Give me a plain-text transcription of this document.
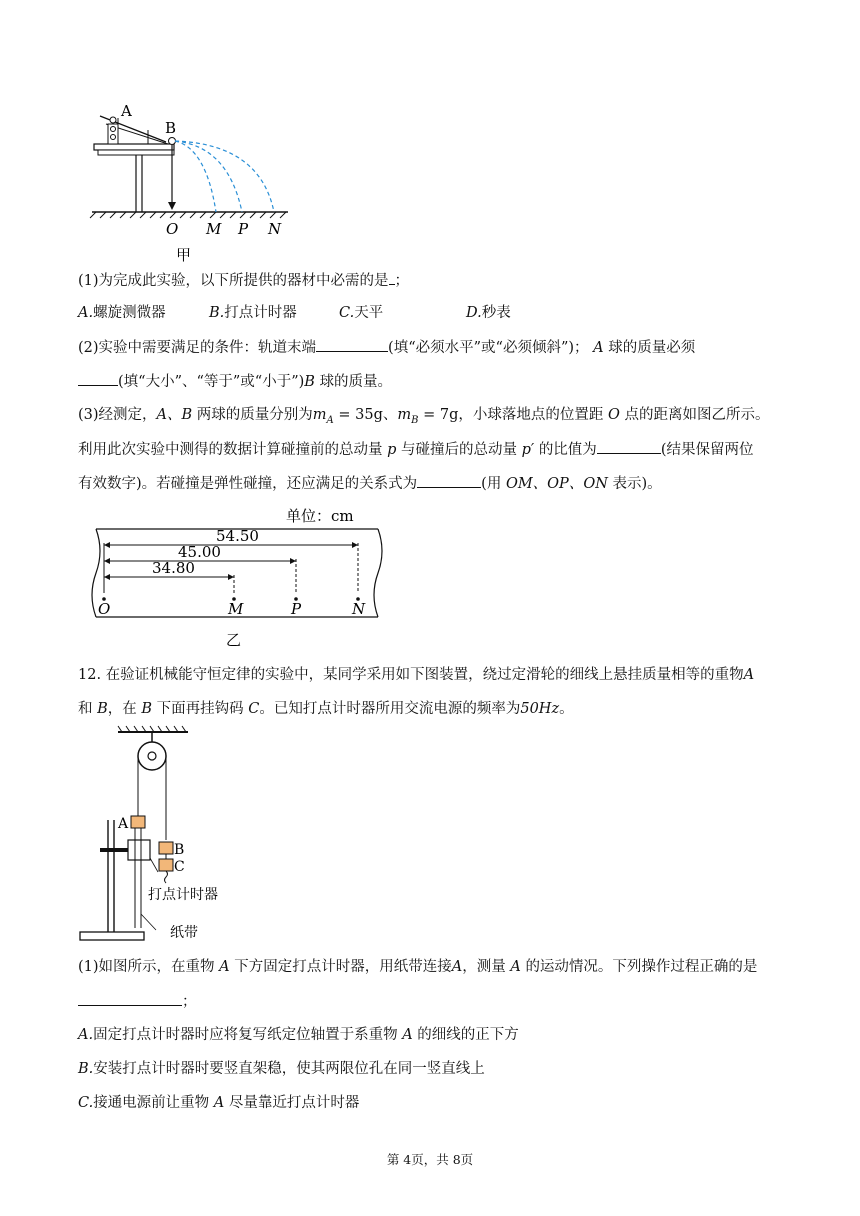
A
B
O M P N
甲
(1)为完成此实验，以下所提供的器材中必需的是 ；
A.螺旋测微器	B.打点计时器	C.天平	D.秒表
(2)实验中需要满足的条件：轨道末端	(填“必须水平”或“必须倾斜”)； A 球的质量必须
(填“大小”、“等于”或“小于”)B 球的质量。
(3)经测定，A、B 两球的质量分别为$m_A = 35g$、$m_B = 7g$，小球落地点的位置距 O 点的距离如图乙所示。
利用此次实验中测得的数据计算碰撞前的总动量 p 与碰撞后的总动量 p′ 的比值为	(结果保留两位
有效数字)。若碰撞是弹性碰撞，还应满足的关系式为	(用 OM、OP、ON 表示)。
单位：cm
54.50
45.00
34.80
O	M	P	N
乙
12. 在验证机械能守恒定律的实验中，某同学采用如下图装置，绕过定滑轮的细线上悬挂质量相等的重物A
和 B，在 B 下面再挂钩码 C。已知打点计时器所用交流电源的频率为50Hz。
A
B
C
打点计时器
纸带
(1)如图所示，在重物 A 下方固定打点计时器，用纸带连接A，测量 A 的运动情况。下列操作过程正确的是
；
A.固定打点计时器时应将复写纸定位轴置于系重物 A 的细线的正下方
B.安装打点计时器时要竖直架稳，使其两限位孔在同一竖直线上
C.接通电源前让重物 A 尽量靠近打点计时器
第 4页，共 8页
